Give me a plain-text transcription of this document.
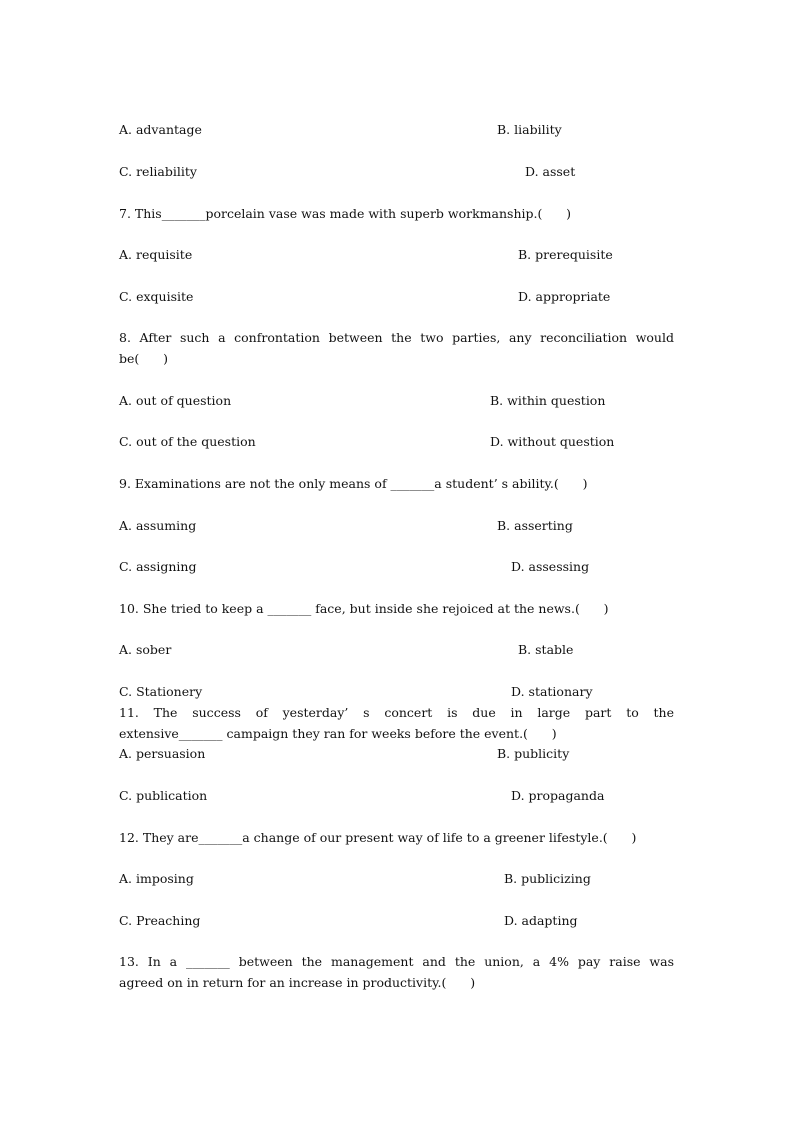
A. advantage	B. liability
C. reliability	D. asset
7. This_______porcelain vase was made with superb workmanship.(      )
A. requisite	B. prerequisite
C. exquisite	D. appropriate
8. After such a confrontation between the two parties, any reconciliation would
be(      )
A. out of question	B. within question
C. out of the question	D. without question
9. Examinations are not the only means of _______a student’ s ability.(      )
A. assuming	B. asserting
C. assigning	D. assessing
10. She tried to keep a _______ face, but inside she rejoiced at the news.(      )
A. sober	B. stable
C. Stationery	D. stationary
11. The success of yesterday’ s concert is due in large part to the
extensive_______ campaign they ran for weeks before the event.(      )
A. persuasion	B. publicity
C. publication	D. propaganda
12. They are_______a change of our present way of life to a greener lifestyle.(      )
A. imposing	B. publicizing
C. Preaching	D. adapting
13. In a _______ between the management and the union, a 4% pay raise was
agreed on in return for an increase in productivity.(      )
